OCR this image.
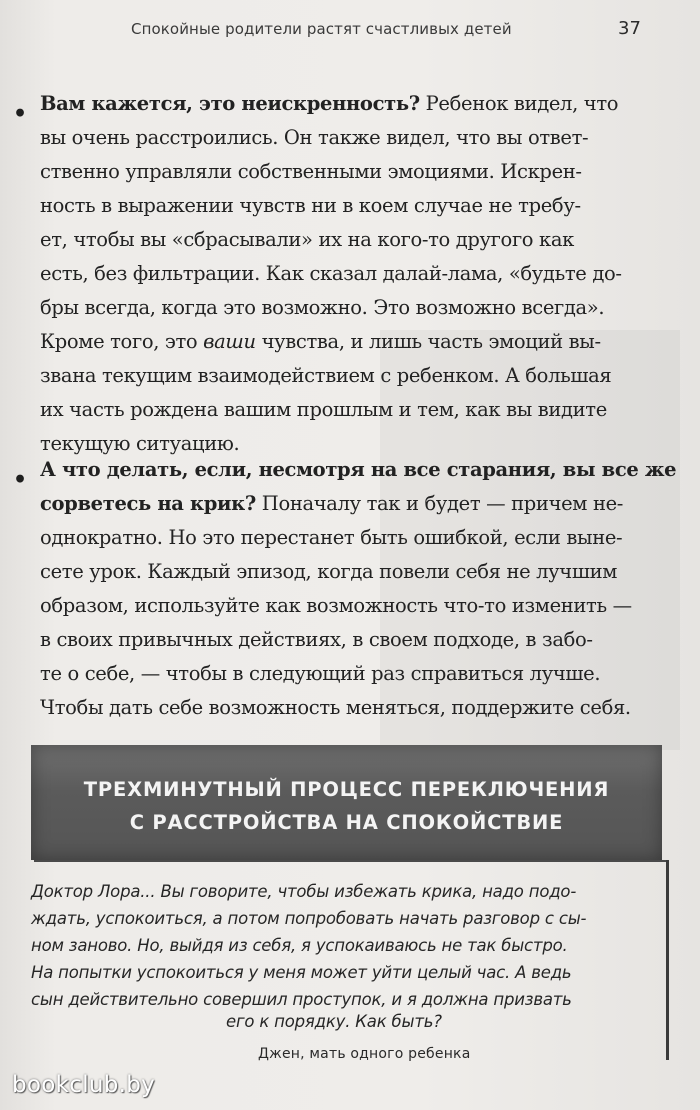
Спокойные родители растят счастливых детей	37
• Вам кажется, это неискренность? Ребенок видел, что
вы очень расстроились. Он также видел, что вы ответ-
ственно управляли собственными эмоциями. Искрен-
ность в выражении чувств ни в коем случае не требу-
ет, чтобы вы «сбрасывали» их на кого-то другого как
есть, без фильтрации. Как сказал далай-лама, «будьте до-
бры всегда, когда это возможно. Это возможно всегда».
Кроме того, это ваши чувства, и лишь часть эмоций вы-
звана текущим взаимодействием с ребенком. А большая
их часть рождена вашим прошлым и тем, как вы видите
текущую ситуацию.
• А что делать, если, несмотря на все старания, вы все же
сорветесь на крик? Поначалу так и будет — причем не-
однократно. Но это перестанет быть ошибкой, если выне-
сете урок. Каждый эпизод, когда повели себя не лучшим
образом, используйте как возможность что-то изменить —
в своих привычных действиях, в своем подходе, в забо-
те о себе, — чтобы в следующий раз справиться лучше.
Чтобы дать себе возможность меняться, поддержите себя.
ТРЕХМИНУТНЫЙ ПРОЦЕСС ПЕРЕКЛЮЧЕНИЯ
С РАССТРОЙСТВА НА СПОКОЙСТВИЕ
Доктор Лора... Вы говорите, чтобы избежать крика, надо подо-
ждать, успокоиться, а потом попробовать начать разговор с сы-
ном заново. Но, выйдя из себя, я успокаиваюсь не так быстро.
На попытки успокоиться у меня может уйти целый час. А ведь
сын действительно совершил проступок, и я должна призвать
его к порядку. Как быть?
Джен, мать одного ребенка
bookclub.by
